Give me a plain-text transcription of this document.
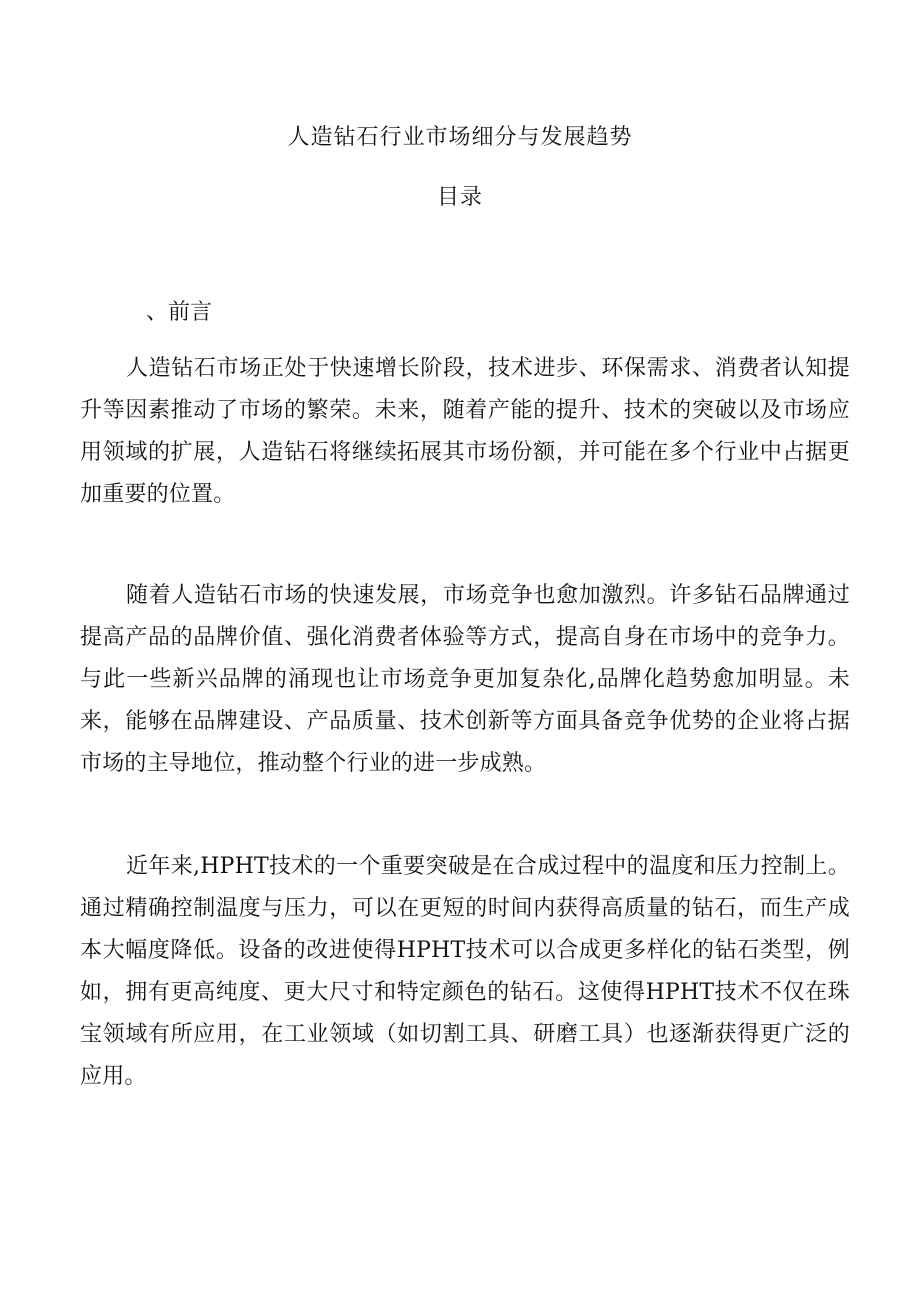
人造钻石行业市场细分与发展趋势
目录
、前言

人造钻石市场正处于快速增长阶段，技术进步、环保需求、消费者认知提升等因素推动了市场的繁荣。未来，随着产能的提升、技术的突破以及市场应用领域的扩展，人造钻石将继续拓展其市场份额，并可能在多个行业中占据更加重要的位置。

随着人造钻石市场的快速发展，市场竞争也愈加激烈。许多钻石品牌通过提高产品的品牌价值、强化消费者体验等方式，提高自身在市场中的竞争力。与此一些新兴品牌的涌现也让市场竞争更加复杂化,品牌化趋势愈加明显。未来，能够在品牌建设、产品质量、技术创新等方面具备竞争优势的企业将占据市场的主导地位，推动整个行业的进一步成熟。

近年来,HPHT技术的一个重要突破是在合成过程中的温度和压力控制上。通过精确控制温度与压力，可以在更短的时间内获得高质量的钻石，而生产成本大幅度降低。设备的改进使得HPHT技术可以合成更多样化的钻石类型，例如，拥有更高纯度、更大尺寸和特定颜色的钻石。这使得HPHT技术不仅在珠宝领域有所应用，在工业领域（如切割工具、研磨工具）也逐渐获得更广泛的应用。
